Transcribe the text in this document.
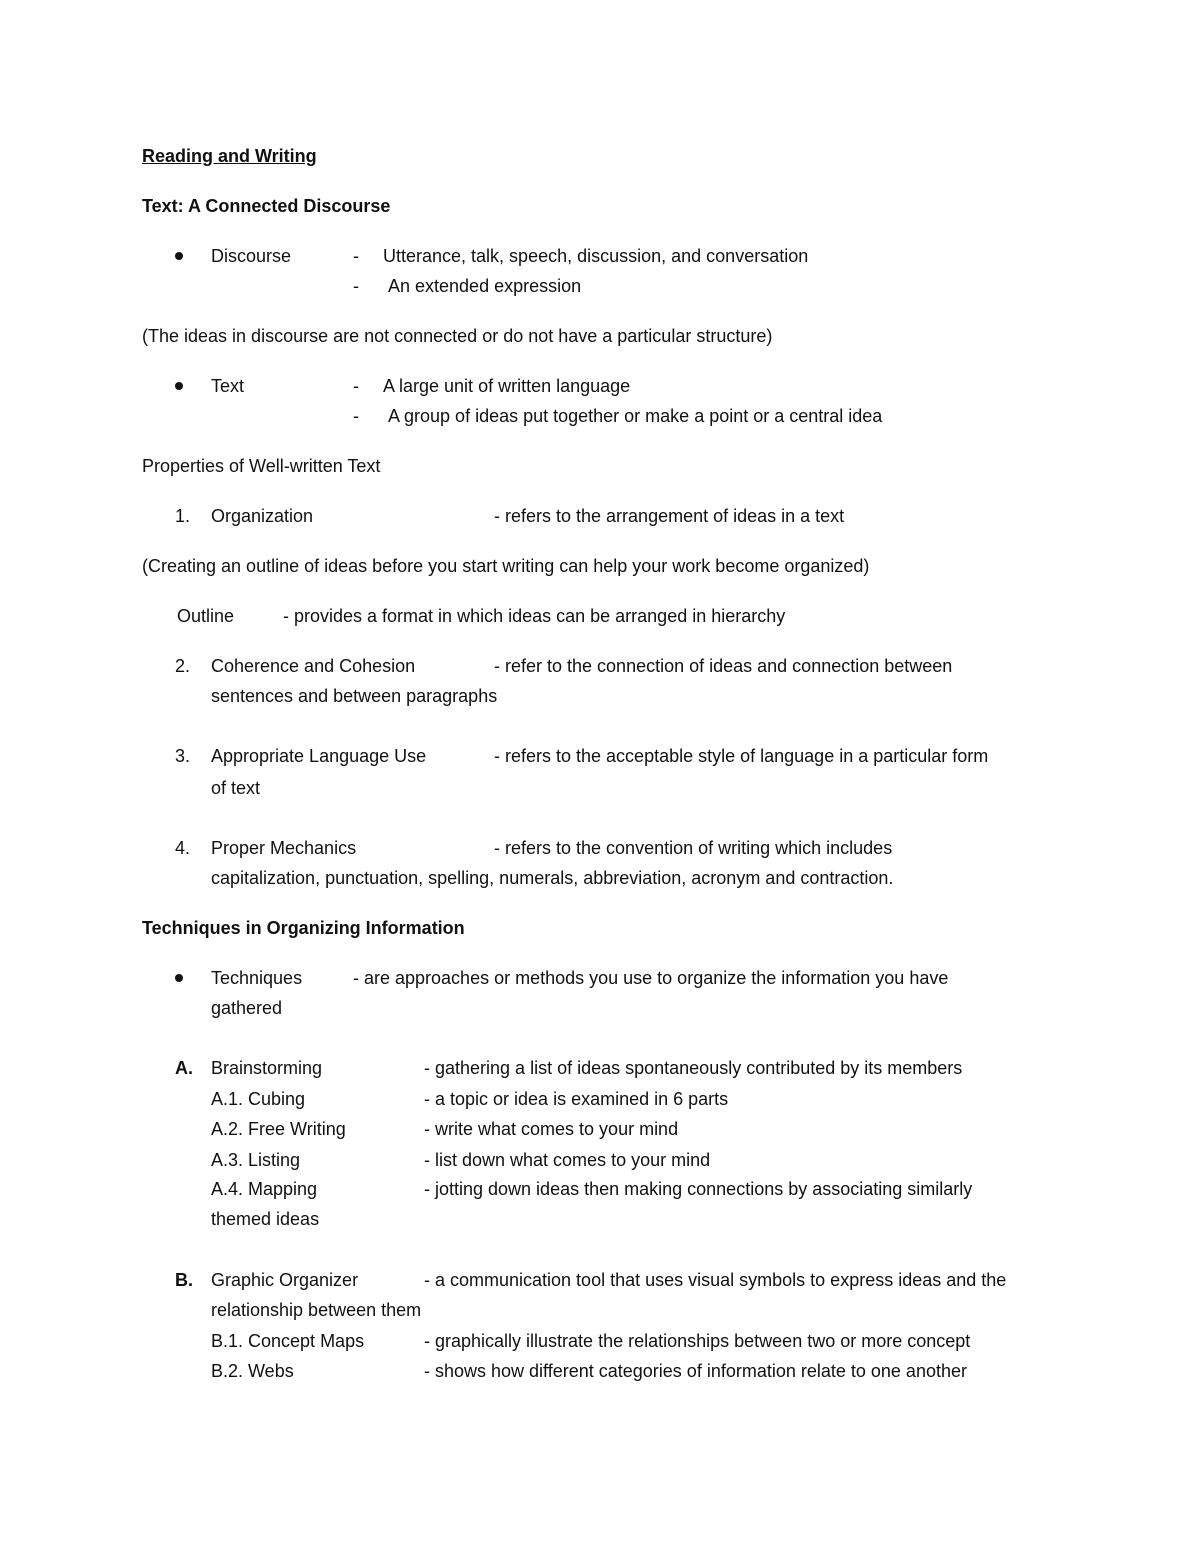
Reading and Writing
Text: A Connected Discourse
Discourse	- Utterance, talk, speech, discussion, and conversation
- An extended expression
(The ideas in discourse are not connected or do not have a particular structure)
Text	- A large unit of written language
- A group of ideas put together or make a point or a central idea
Properties of Well-written Text
1. Organization	- refers to the arrangement of ideas in a text
(Creating an outline of ideas before you start writing can help your work become organized)
Outline	- provides a format in which ideas can be arranged in hierarchy
2. Coherence and Cohesion	- refer to the connection of ideas and connection between
sentences and between paragraphs
3. Appropriate Language Use	- refers to the acceptable style of language in a particular form
of text
4. Proper Mechanics	- refers to the convention of writing which includes
capitalization, punctuation, spelling, numerals, abbreviation, acronym and contraction.
Techniques in Organizing Information
Techniques	- are approaches or methods you use to organize the information you have
gathered
A. Brainstorming	- gathering a list of ideas spontaneously contributed by its members
A.1. Cubing	- a topic or idea is examined in 6 parts
A.2. Free Writing	- write what comes to your mind
A.3. Listing	- list down what comes to your mind
A.4. Mapping	- jotting down ideas then making connections by associating similarly
themed ideas
B. Graphic Organizer	- a communication tool that uses visual symbols to express ideas and the
relationship between them
B.1. Concept Maps	- graphically illustrate the relationships between two or more concept
B.2. Webs	- shows how different categories of information relate to one another
